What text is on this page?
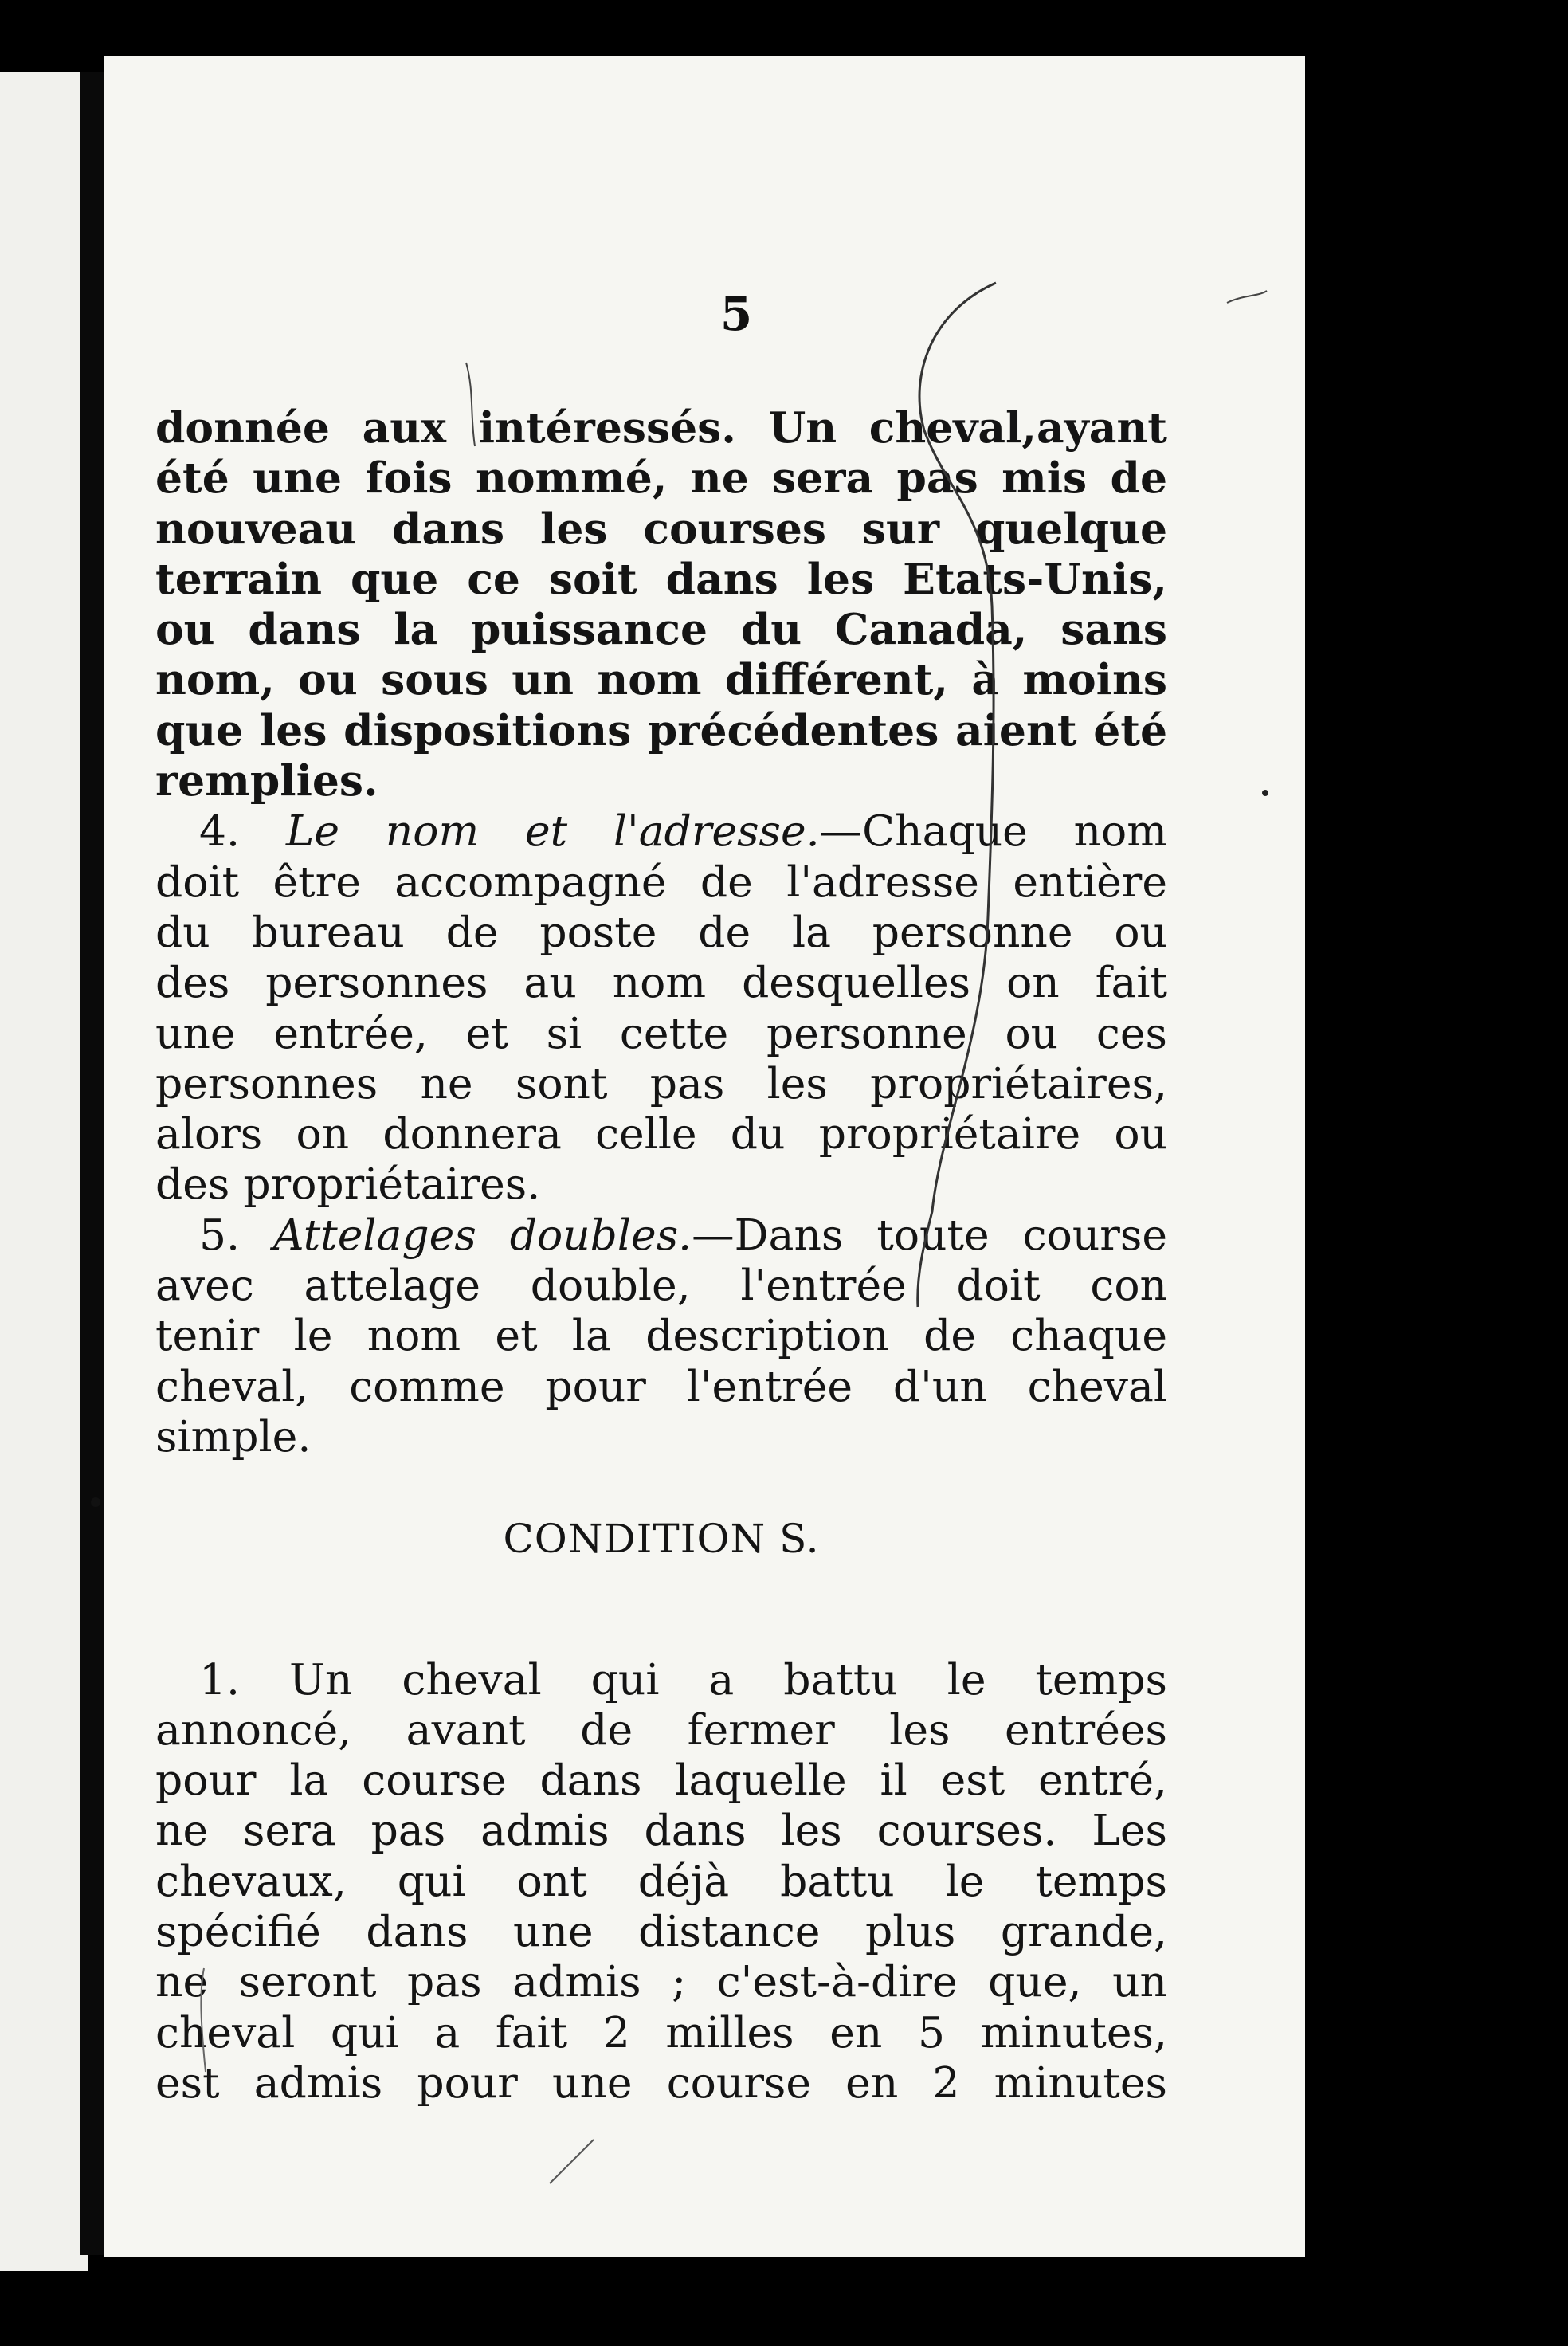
5

donnée aux intéressés. Un cheval,ayant
été une fois nommé, ne sera pas mis de
nouveau dans les courses sur quelque
terrain que ce soit dans les Etats-Unis,
ou dans la puissance du Canada, sans
nom, ou sous un nom différent, à moins
que les dispositions précédentes aient été
remplies.
4. Le nom et l'adresse.—Chaque nom
doit être accompagné de l'adresse entière
du bureau de poste de la personne ou
des personnes au nom desquelles on fait
une entrée, et si cette personne ou ces
personnes ne sont pas les propriétaires,
alors on donnera celle du propriétaire ou
des propriétaires.
5. Attelages doubles.—Dans toute course
avec attelage double, l'entrée doit con
tenir le nom et la description de chaque
cheval, comme pour l'entrée d'un cheval
simple.
CONDITION S.
1. Un cheval qui a battu le temps
annoncé, avant de fermer les entrées
pour la course dans laquelle il est entré,
ne sera pas admis dans les courses. Les
chevaux, qui ont déjà battu le temps
spécifié dans une distance plus grande,
ne seront pas admis ; c'est-à-dire que, un
cheval qui a fait 2 milles en 5 minutes,
est admis pour une course en 2 minutes
